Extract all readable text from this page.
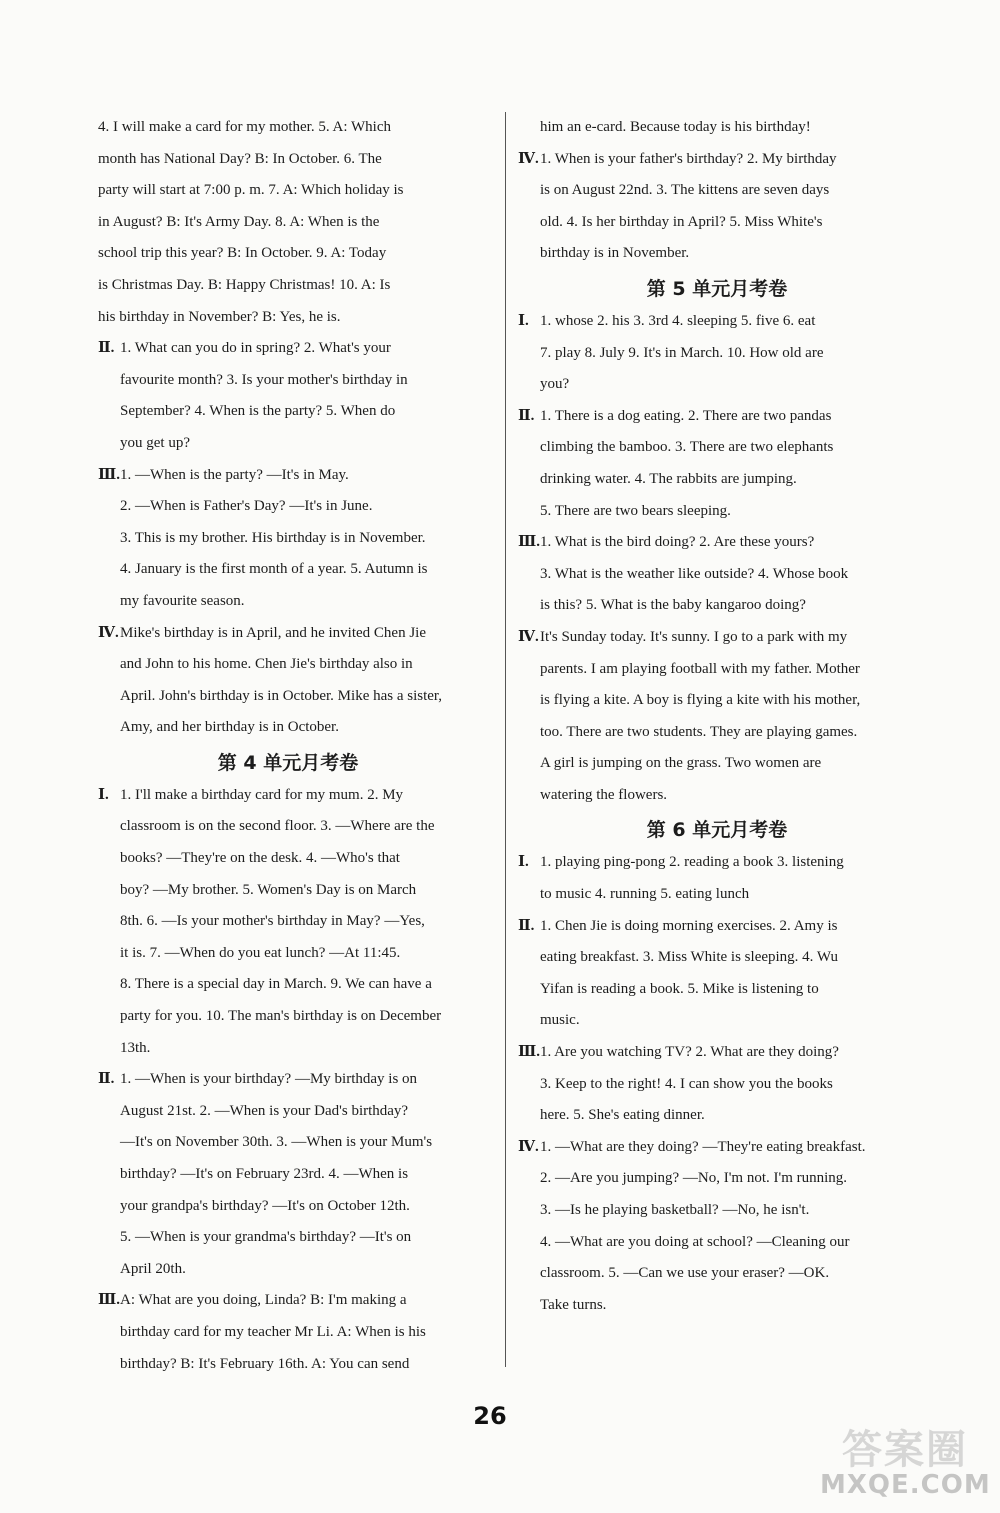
4. I will make a card for my mother. 5. A: Which
month has National Day? B: In October. 6. The
party will start at 7:00 p. m. 7. A: Which holiday is
in August? B: It's Army Day. 8. A: When is the
school trip this year? B: In October. 9. A: Today
is Christmas Day. B: Happy Christmas! 10. A: Is
his birthday in November? B: Yes, he is.
Ⅱ. 1. What can you do in spring? 2. What's your
favourite month? 3. Is your mother's birthday in
September? 4. When is the party? 5. When do
you get up?
Ⅲ. 1. —When is the party? —It's in May.
2. —When is Father's Day? —It's in June.
3. This is my brother. His birthday is in November.
4. January is the first month of a year. 5. Autumn is
my favourite season.
Ⅳ. Mike's birthday is in April, and he invited Chen Jie
and John to his home. Chen Jie's birthday also in
April. John's birthday is in October. Mike has a sister,
Amy, and her birthday is in October.
第 4 单元月考卷
Ⅰ. 1. I'll make a birthday card for my mum. 2. My
classroom is on the second floor. 3. —Where are the
books? —They're on the desk. 4. —Who's that
boy? —My brother. 5. Women's Day is on March
8th. 6. —Is your mother's birthday in May? —Yes,
it is. 7. —When do you eat lunch? —At 11:45.
8. There is a special day in March. 9. We can have a
party for you. 10. The man's birthday is on December
13th.
Ⅱ. 1. —When is your birthday? —My birthday is on
August 21st. 2. —When is your Dad's birthday?
—It's on November 30th. 3. —When is your Mum's
birthday? —It's on February 23rd. 4. —When is
your grandpa's birthday? —It's on October 12th.
5. —When is your grandma's birthday? —It's on
April 20th.
Ⅲ. A: What are you doing, Linda? B: I'm making a
birthday card for my teacher Mr Li. A: When is his
birthday? B: It's February 16th. A: You can send
him an e-card. Because today is his birthday!
Ⅳ. 1. When is your father's birthday? 2. My birthday
is on August 22nd. 3. The kittens are seven days
old. 4. Is her birthday in April? 5. Miss White's
birthday is in November.
第 5 单元月考卷
Ⅰ. 1. whose 2. his 3. 3rd 4. sleeping 5. five 6. eat
7. play 8. July 9. It's in March. 10. How old are
you?
Ⅱ. 1. There is a dog eating. 2. There are two pandas
climbing the bamboo. 3. There are two elephants
drinking water. 4. The rabbits are jumping.
5. There are two bears sleeping.
Ⅲ. 1. What is the bird doing? 2. Are these yours?
3. What is the weather like outside? 4. Whose book
is this? 5. What is the baby kangaroo doing?
Ⅳ. It's Sunday today. It's sunny. I go to a park with my
parents. I am playing football with my father. Mother
is flying a kite. A boy is flying a kite with his mother,
too. There are two students. They are playing games.
A girl is jumping on the grass. Two women are
watering the flowers.
第 6 单元月考卷
Ⅰ. 1. playing ping-pong 2. reading a book 3. listening
to music 4. running 5. eating lunch
Ⅱ. 1. Chen Jie is doing morning exercises. 2. Amy is
eating breakfast. 3. Miss White is sleeping. 4. Wu
Yifan is reading a book. 5. Mike is listening to
music.
Ⅲ. 1. Are you watching TV? 2. What are they doing?
3. Keep to the right! 4. I can show you the books
here. 5. She's eating dinner.
Ⅳ. 1. —What are they doing? —They're eating breakfast.
2. —Are you jumping? —No, I'm not. I'm running.
3. —Is he playing basketball? —No, he isn't.
4. —What are you doing at school? —Cleaning our
classroom. 5. —Can we use your eraser? —OK.
Take turns.
26
答案圈
MXQE.COM
